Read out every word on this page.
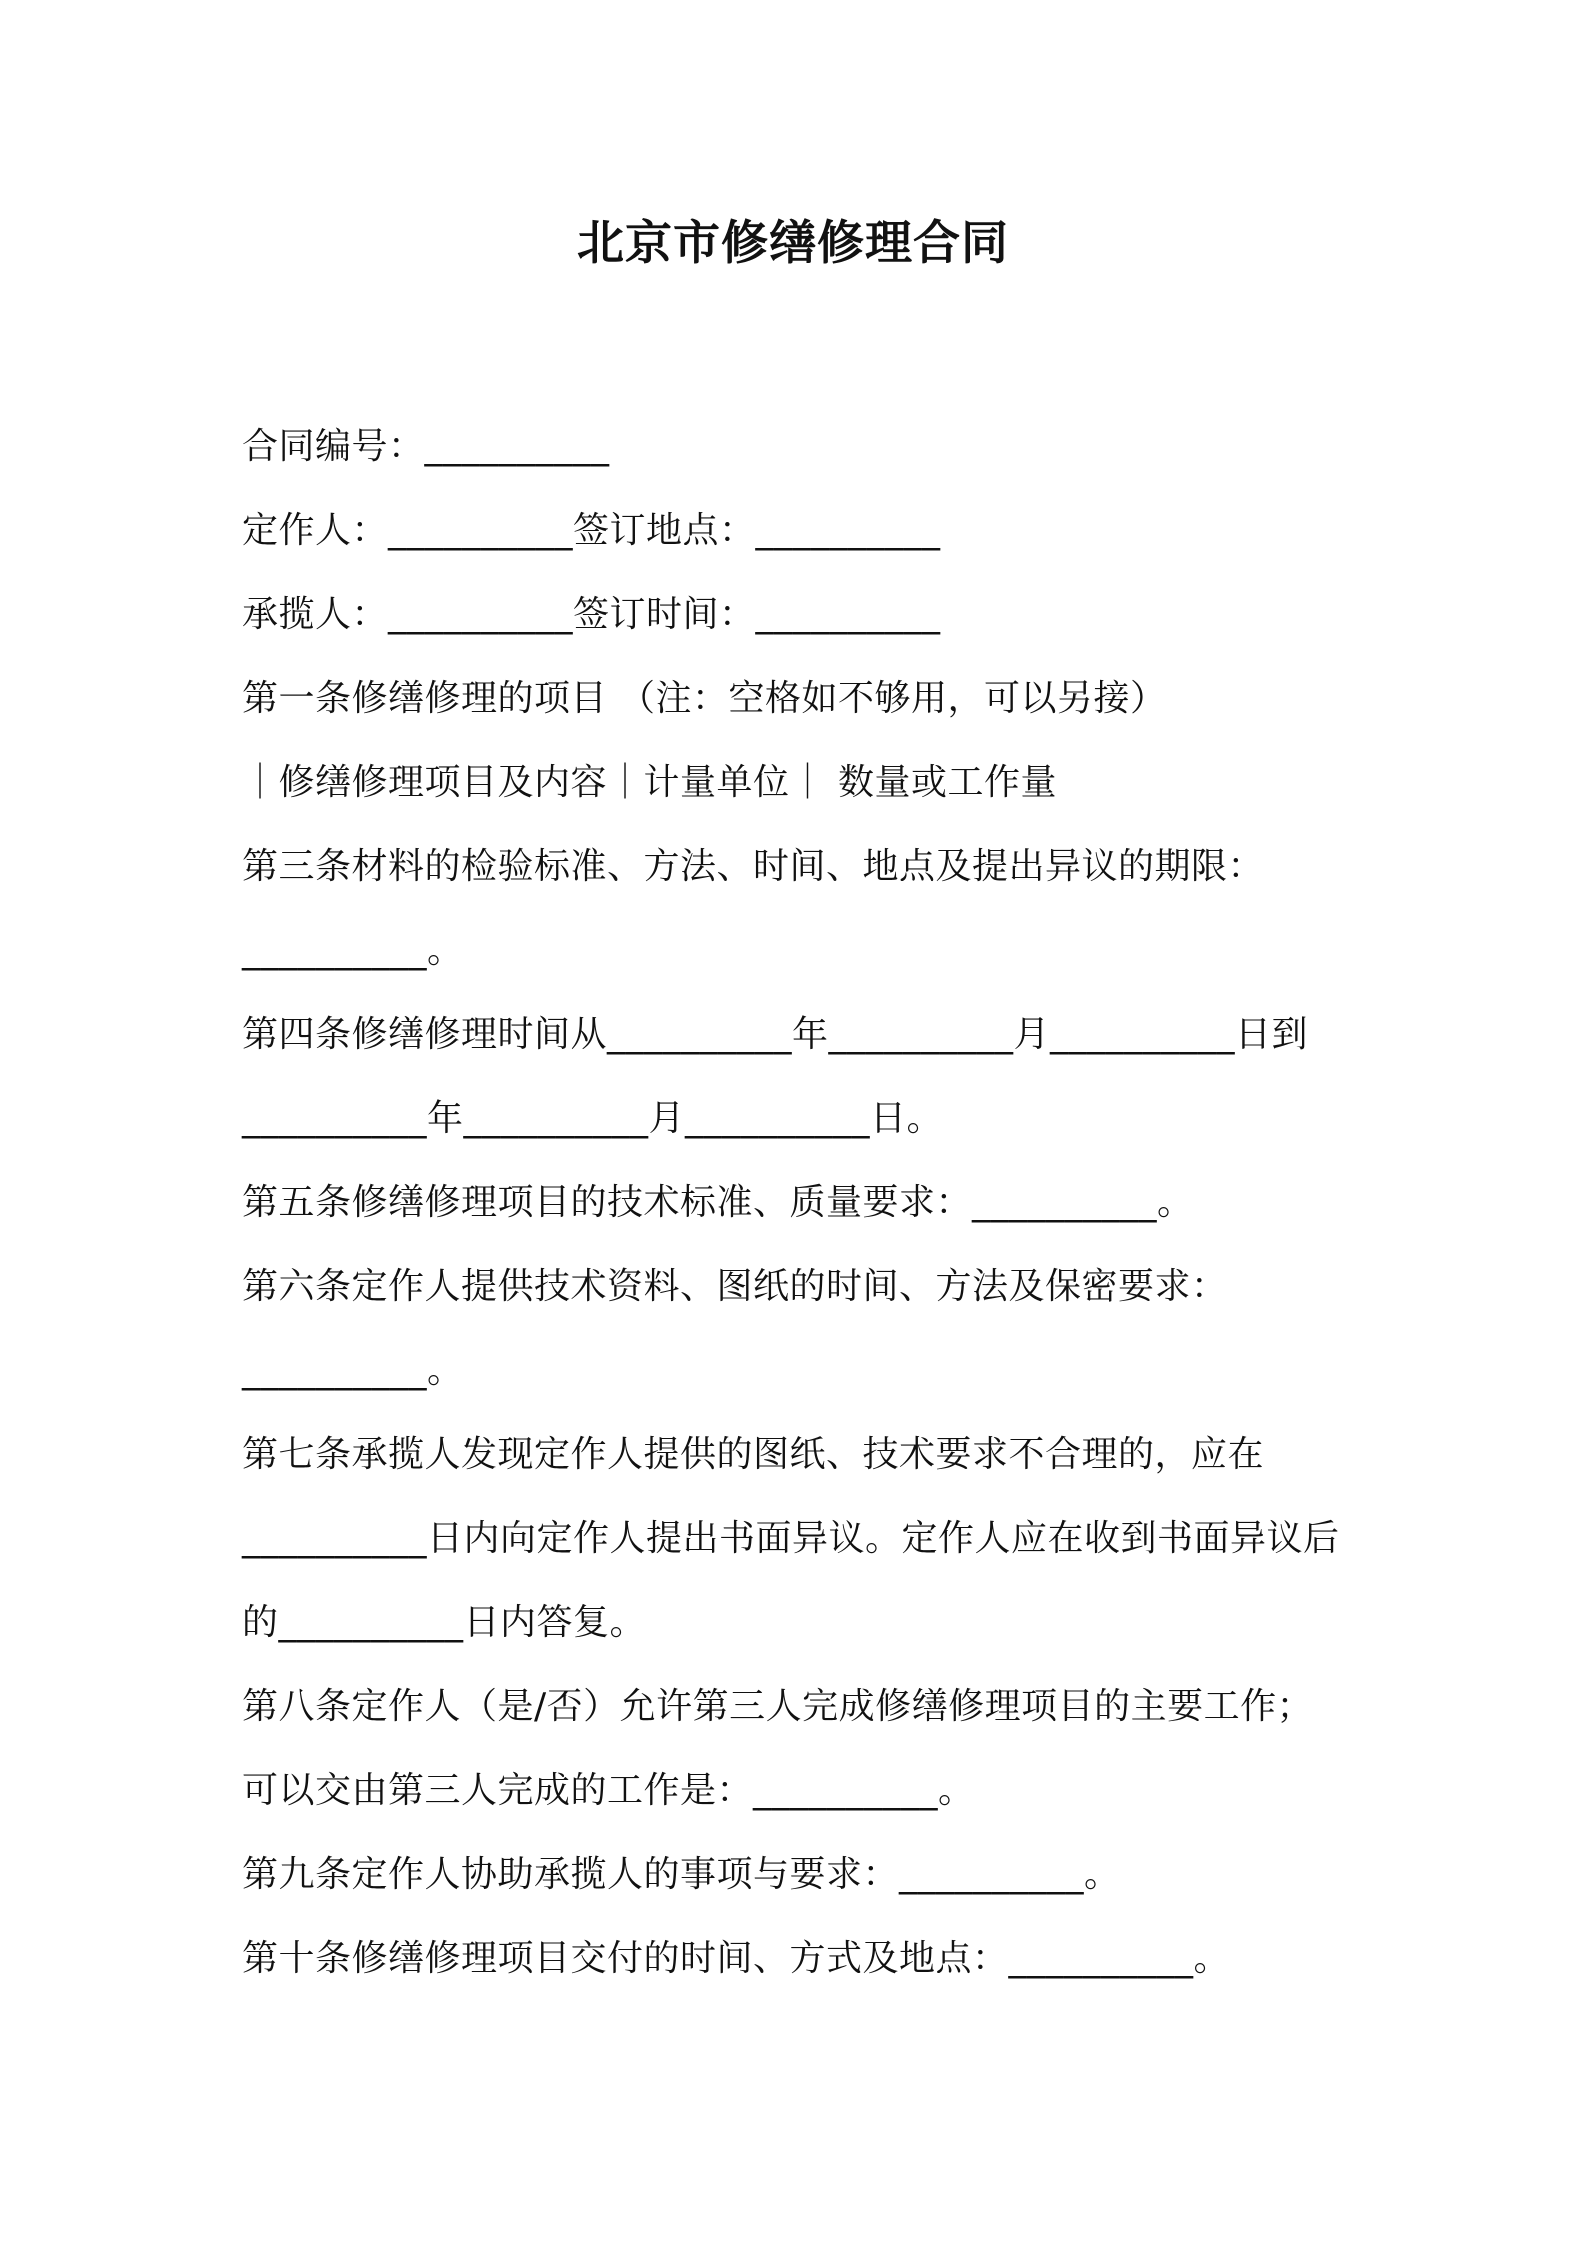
北京市修缮修理合同
合同编号：__________
定作人：__________签订地点：__________
承揽人：__________签订时间：__________
第一条修缮修理的项目 （注：空格如不够用，可以另接）
｜修缮修理项目及内容｜计量单位｜ 数量或工作量
第三条材料的检验标准、方法、时间、地点及提出异议的期限：
__________。
第四条修缮修理时间从__________年__________月__________日到
__________年__________月__________日。
第五条修缮修理项目的技术标准、质量要求：__________。
第六条定作人提供技术资料、图纸的时间、方法及保密要求：
__________。
第七条承揽人发现定作人提供的图纸、技术要求不合理的，应在
__________日内向定作人提出书面异议。定作人应在收到书面异议后
的__________日内答复。
第八条定作人（是/否）允许第三人完成修缮修理项目的主要工作；
可以交由第三人完成的工作是：__________。
第九条定作人协助承揽人的事项与要求：__________。
第十条修缮修理项目交付的时间、方式及地点：__________。
